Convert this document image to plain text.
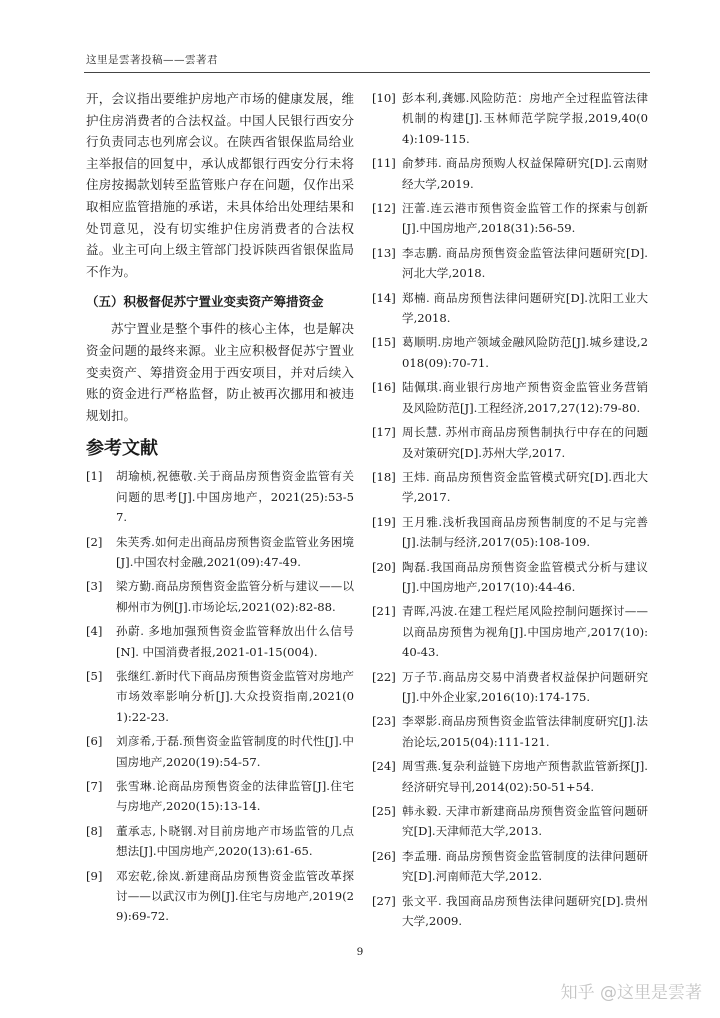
这里是雲著投稿——雲著君

开，会议指出要维护房地产市场的健康发展，维护住房消费者的合法权益。中国人民银行西安分行负责同志也列席会议。在陕西省银保监局给业主举报信的回复中，承认成都银行西安分行未将住房按揭款划转至监管账户存在问题，仅作出采取相应监管措施的承诺，未具体给出处理结果和处罚意见，没有切实维护住房消费者的合法权益。业主可向上级主管部门投诉陕西省银保监局不作为。

（五）积极督促苏宁置业变卖资产筹措资金

苏宁置业是整个事件的核心主体，也是解决资金问题的最终来源。业主应积极督促苏宁置业变卖资产、筹措资金用于西安项目，并对后续入账的资金进行严格监督，防止被再次挪用和被违规划扣。

参考文献
[1]	胡瑜桢,祝德敬.关于商品房预售资金监管有关问题的思考[J].中国房地产，2021(25):53-57.
[2]	朱芙秀.如何走出商品房预售资金监管业务困境[J].中国农村金融,2021(09):47-49.
[3]	梁方勤.商品房预售资金监管分析与建议——以柳州市为例[J].市场论坛,2021(02):82-88.
[4]	孙蔚. 多地加强预售资金监管释放出什么信号[N]. 中国消费者报,2021-01-15(004).
[5]	张继红.新时代下商品房预售资金监管对房地产市场效率影响分析[J].大众投资指南,2021(01):22-23.
[6]	刘彦希,于磊.预售资金监管制度的时代性[J].中国房地产,2020(19):54-57.
[7]	张雪琳.论商品房预售资金的法律监管[J].住宅与房地产,2020(15):13-14.
[8]	董承志,卜晓钢.对目前房地产市场监管的几点想法[J].中国房地产,2020(13):61-65.
[9]	邓宏乾,徐岚.新建商品房预售资金监管改革探讨——以武汉市为例[J].住宅与房地产,2019(29):69-72.
[10] 彭本利,龚娜.风险防范：房地产全过程监管法律机制的构建[J].玉林师范学院学报,2019,40(04):109-115.
[11] 俞梦玮. 商品房预购人权益保障研究[D].云南财经大学,2019.
[12] 汪蕾.连云港市预售资金监管工作的探索与创新[J].中国房地产,2018(31):56-59.
[13] 李志鹏. 商品房预售资金监管法律问题研究[D].河北大学,2018.
[14] 郑楠. 商品房预售法律问题研究[D].沈阳工业大学,2018.
[15] 葛顺明.房地产领域金融风险防范[J].城乡建设,2018(09):70-71.
[16] 陆佩琪.商业银行房地产预售资金监管业务营销及风险防范[J].工程经济,2017,27(12):79-80.
[17] 周长慧. 苏州市商品房预售制执行中存在的问题及对策研究[D].苏州大学,2017.
[18] 王炜. 商品房预售资金监管模式研究[D].西北大学,2017.
[19] 王月雅.浅析我国商品房预售制度的不足与完善[J].法制与经济,2017(05):108-109.
[20] 陶磊.我国商品房预售资金监管模式分析与建议[J].中国房地产,2017(10):44-46.
[21] 青晖,冯波.在建工程烂尾风险控制问题探讨——以商品房预售为视角[J].中国房地产,2017(10):40-43.
[22] 万子节.商品房交易中消费者权益保护问题研究[J].中外企业家,2016(10):174-175.
[23] 李翠影.商品房预售资金监管法律制度研究[J].法治论坛,2015(04):111-121.
[24] 周雪燕.复杂利益链下房地产预售款监管新探[J].经济研究导刊,2014(02):50-51+54.
[25] 韩永毅. 天津市新建商品房预售资金监管问题研究[D].天津师范大学,2013.
[26] 李孟珊. 商品房预售资金监管制度的法律问题研究[D].河南师范大学,2012.
[27] 张文平. 我国商品房预售法律问题研究[D].贵州大学,2009.
9
知乎 @这里是雲著
